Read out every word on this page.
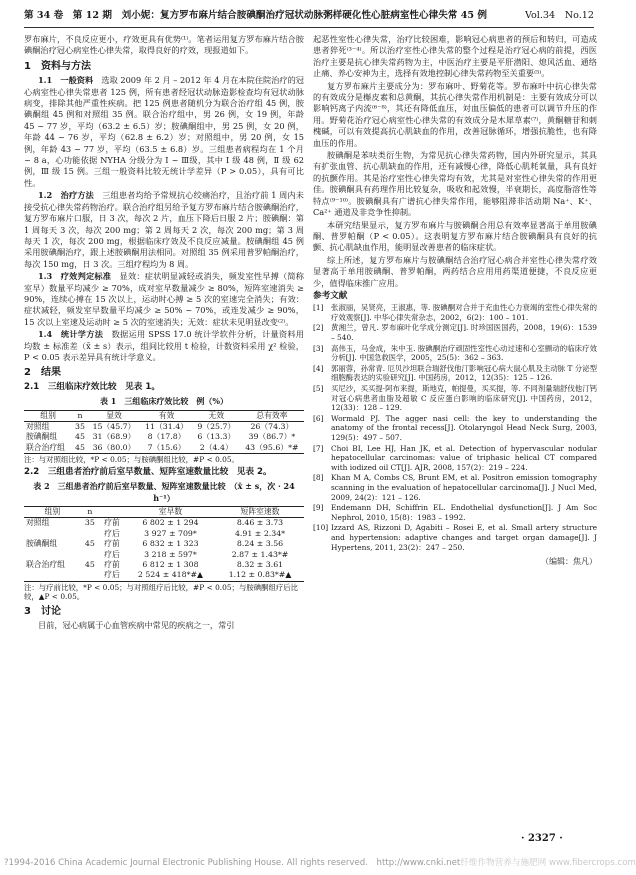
第 34 卷　第 12 期　刘小妮：复方罗布麻片结合胺碘酮治疗冠状动脉粥样硬化性心脏病室性心律失常 45 例	Vol.34　No.12

罗布麻片，不良反应更小，疗效更具有优势⁽¹⁾。笔者运用复方罗布麻片结合胺碘酮治疗冠心病室性心律失常，取得良好的疗效，现报道如下。

1　资料与方法

1.1　一般资料　 选取 2009 年 2 月 – 2012 年 4 月在本院住院治疗的冠心病室性心律失常患者 125 例，所有患者经冠状动脉造影检查均有冠状动脉病变，排除其他严重性疾病。把 125 例患者随机分为联合治疗组 45 例，胺碘酮组 45 例和对照组 35 例。联合治疗组中，男 26 例，女 19 例，年龄 45 ~ 77 岁，平均（63.2 ± 6.5）岁；胺碘酮组中，男 25 例，女 20 例，年龄 44 ~ 76 岁，平均（62.8 ± 6.2）岁；对照组中，男 20 例，女 15 例，年龄 43 ~ 77 岁，平均（63.5 ± 6.8）岁。三组患者病程均在 1 个月 ~ 8 a，心功能依据 NYHA 分级分为 Ⅰ ~ Ⅲ级，其中 Ⅰ 级 48 例，Ⅱ 级 62 例，Ⅲ 级 15 例。三组一般资料比较无统计学差异（P > 0.05），具有可比性。

1.2　治疗方法　 三组患者均给予常规抗心绞痛治疗，且治疗前 1 周内未接受抗心律失常药物治疗。联合治疗组另给予复方罗布麻片结合胺碘酮治疗，复方罗布麻片口服，日 3 次，每次 2 片，血压下降后日服 2 片；胺碘酮：第 1 周每天 3 次，每次 200 mg；第 2 周每天 2 次，每次 200 mg；第 3 周每天 1 次，每次 200 mg，根据临床疗效及不良反应减量。胺碘酮组 45 例采用胺碘酮治疗，跟上述胺碘酮用法相同。对照组 35 例采用普罗帕酮治疗，每次 150 mg，日 3 次。三组疗程均为 8 周。

1.3　疗效判定标准　 显效：症状明显减轻或消失，频发室性早搏（简称室早）数量平均减少 ≥ 70%，成对室早数量减少 ≥ 80%，短阵室速消失 ≥ 90%，连续心搏在 15 次以上，运动时心搏 ≥ 5 次的室速完全消失；有效：症状减轻，频发室早数量平均减少 ≥ 50% ~ 70%，或连发减少 ≥ 90%，15 次以上室速及运动时 ≥ 5 次的室速消失；无效：症状未见明显改变⁽²⁾。

1.4　统计学方法　 数据运用 SPSS 17.0 统计学软件分析，计量资料用均数 ± 标准差（x̄ ± s）表示，组间比较用 t 检验，计数资料采用 χ² 检验，P < 0.05 表示差异具有统计学意义。

2　结果
2.1　三组临床疗效比较　见表 1。
表 1　三组临床疗效比较　例（%）
组别	n	显效	有效	无效	总有效率
对照组	35	15（45.7）	11（31.4）	9（25.7）	26（74.3）
胺碘酮组	45	31（68.9）	8（17.8）	6（13.3）	39（86.7）*
联合治疗组	45	36（80.0）	7（15.6）	2（4.4）	43（95.6）*#
注：与对照组比较，*P < 0.05；与胺碘酮组比较，#P < 0.05。
2.2　三组患者治疗前后室早数量、短阵室速数量比较　见表 2。
表 2　三组患者治疗前后室早数量、短阵室速数量比较　（x̄ ± s，次 · 24 h⁻¹）
组别	n		室早数	短阵室速数
对照组	35	疗前	6 802 ± 1 294	8.46 ± 3.73
		疗后	3 927 ± 709*	4.91 ± 2.34*
胺碘酮组	45	疗前	6 832 ± 1 323	8.24 ± 3.56
		疗后	3 218 ± 597*	2.87 ± 1.43*#
联合治疗组	45	疗前	6 812 ± 1 308	8.32 ± 3.61
		疗后	2 524 ± 418*#▲	1.12 ± 0.83*#▲
注：与疗前比较，*P < 0.05；与对照组疗后比较，#P < 0.05；与胺碘酮组疗后比较，▲P < 0.05。
3　讨论

目前，冠心病属于心血管疾病中常见的疾病之一，常引

起恶性室性心律失常，治疗比较困难，影响冠心病患者的预后和转归，可造成患者猝死⁽³⁻⁴⁾。所以治疗室性心律失常的整个过程是治疗冠心病的前提，西医治疗主要是抗心律失常药物为主，中医治疗主要是平肝潜阳、熄风活血、通络止痛、养心安神为主，选择有效地控制心律失常药物至关重要⁽⁵⁾。

复方罗布麻片主要成分为：罗布麻叶、野菊花等。罗布麻叶中抗心律失常的有效成分是槲皮素和总黄酮，其抗心律失常作用机制是：主要有效成分可以影响钙离子内流⁽⁶⁻⁸⁾，其还有降低血压，対血压偏低的患者可以调节升压的作用。野菊花治疗冠心病室性心律失常的有效成分是木犀草素⁽⁷⁾，黄酮糖苷和刺槐碱，可以有效提高抗心肌缺血的作用，改善冠脉循环，增强抗脆性，也有降血压的作用。

胺碘酮是苯呋类衍生物，为常见抗心律失常药物，国内外研究显示，其具有扩张血管、抗心肌缺血的作用，还有减慢心律，降低心肌耗氧量，具有良好的抗颤作用。其是治疗室性心律失常均有效，尤其是对室性心律失常的作用更佳。胺碘酮具有药理作用比较复杂，吸收和起效慢，半衰期长，高度脂溶性等特点⁽⁹⁻¹⁰⁾。胺碘酮具有广谱抗心律失常作用，能够阻滞非活动期 Na⁺、K⁺、Ca²⁺ 通道及非竞争性抑制。

本研究结果显示，复方罗布麻片与胺碘酮合用总有效率显著高于单用胺碘酮、普罗帕酮（P < 0.05）。这表明复方罗布麻片结合胺碘酮具有良好的抗颤、抗心肌缺血作用，能明显改善患者的临床症状。

综上所述，复方罗布麻片与胺碘酮结合治疗冠心病合并室性心律失常疗效显著高于单用胺碘酮、普罗帕酮，两药结合应用用药渠道便捷，不良反应更少，值得临床推广应用。

参考文献
[1]	张淑丽，吴贤亮，王淑惠，等. 胺碘酮对合并于充血性心力衰竭的室性心律失常的疗效观察[J]. 中华心律失常杂志，2002，6(2)：100 – 101.
[2]	黄湘兰，曾凡. 罗布麻叶化学成分测定[J]. 时珍国医国药，2008，19(6)：1539 – 540.
[3]	高伟玉，马金成，朱中玉. 胺碘酮治疗顽固性室性心动过速和心室颤动的临床疗效分析[J]. 中国急救医学，2005，25(5)：362 – 363.
[4]	郭丽蓉，孙常青. 厄贝沙坦联合瑞舒伐他汀影响冠心病大鼠心肌及主动脉 T 分泌型细胞酶表达的实验研究[J]. 中国药房，2012，12(35)：125 – 126.
[5]	买尼沙，买买提·阿布来提，斯地克，帕提曼，买买提，等. 不同剂量瑞舒伐他汀钙对冠心病患者血脂及超敏 C 反应蛋白影响的临床研究[J]. 中国药房，2012，12(33)：128 – 129.
[6]	Wormald PJ. The agger nasi cell: the key to understanding the anatomy of the frontal recess[J]. Otolaryngol Head Neck Surg, 2003, 129(5)：497 – 507.
[7]	Choi BI, Lee HJ, Han JK, et al. Detection of hypervascular nodular hepatocellular carcinomas: value of triphasic helical CT compared with iodized oil CT[J]. AJR, 2008, 157(2)：219 – 224.
[8]	Khan M A, Combs CS, Brunt EM, et al. Positron emission tomography scanning in the evaluation of hepatocellular carcinoma[J]. J Nucl Med, 2009, 24(2)：121 – 126.
[9]	Endemann DH, Schiffrin EL. Endothelial dysfunction[J]. J Am Soc Nephrol, 2010, 15(8)：1983 – 1992.
[10] Izzard AS, Rizzoni D, Agabiti – Rosei E, et al. Small artery structure and hypertension: adaptive changes and target organ damage[J]. J Hypertens, 2011, 23(2)：247 – 250.
（编辑：焦凡）
· 2327 ·
?1994-2016 China Academic Journal Electronic Publishing House. All rights reserved.　http://www.cnki.net 纤维作物营养与施肥网 www.fibercrops.com
